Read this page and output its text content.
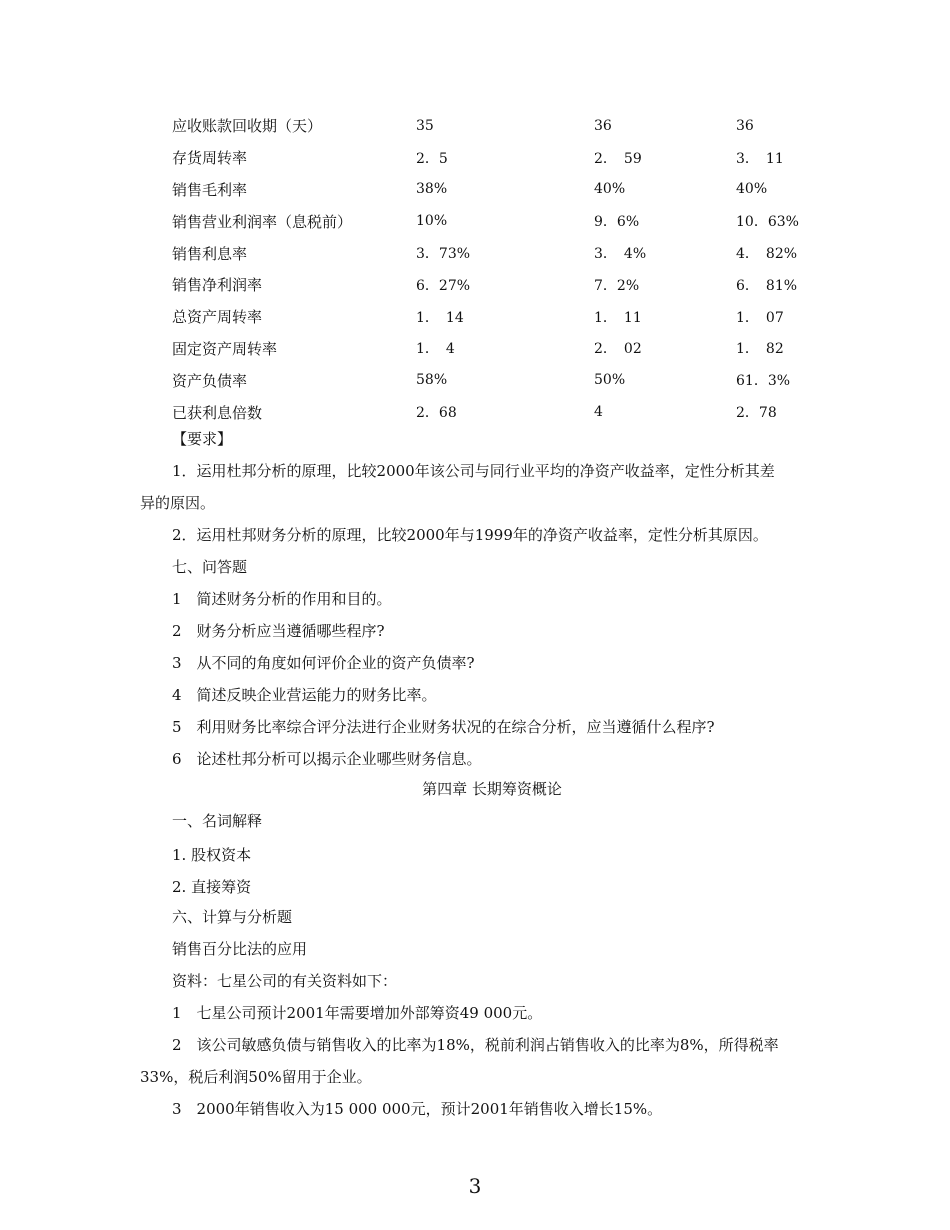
应收账款回收期（天）	35	36	36
存货周转率	2．5	2．　59	3．　11
销售毛利率	38%	40%	40%
销售营业利润率（息税前）	10%	9．6%	10．63%
销售利息率	3．73%	3．　4%	4．　82%
销售净利润率	6．27%	7．2%	6．　81%
总资产周转率	1．　14	1．　11	1．　07
固定资产周转率	1．　4	2．　02	1．　82
资产负债率	58%	50%	61．3%
已获利息倍数	2．68	4	2．78
【要求】
1．运用杜邦分析的原理，比较2000年该公司与同行业平均的净资产收益率，定性分析其差
异的原因。
2．运用杜邦财务分析的原理，比较2000年与1999年的净资产收益率，定性分析其原因。
七、问答题
1　简述财务分析的作用和目的。
2　财务分析应当遵循哪些程序?
3　从不同的角度如何评价企业的资产负债率?
4　简述反映企业营运能力的财务比率。
5　利用财务比率综合评分法进行企业财务状况的在综合分析，应当遵循什么程序?
6　论述杜邦分析可以揭示企业哪些财务信息。
第四章 长期筹资概论
一、名词解释
1. 股权资本
2. 直接筹资
六、计算与分析题
销售百分比法的应用
资料：七星公司的有关资料如下：
1　七星公司预计2001年需要增加外部筹资49 000元。
2　该公司敏感负债与销售收入的比率为18%，税前利润占销售收入的比率为8%，所得税率
33%，税后利润50%留用于企业。
3　2000年销售收入为15 000 000元，预计2001年销售收入增长15%。
3
